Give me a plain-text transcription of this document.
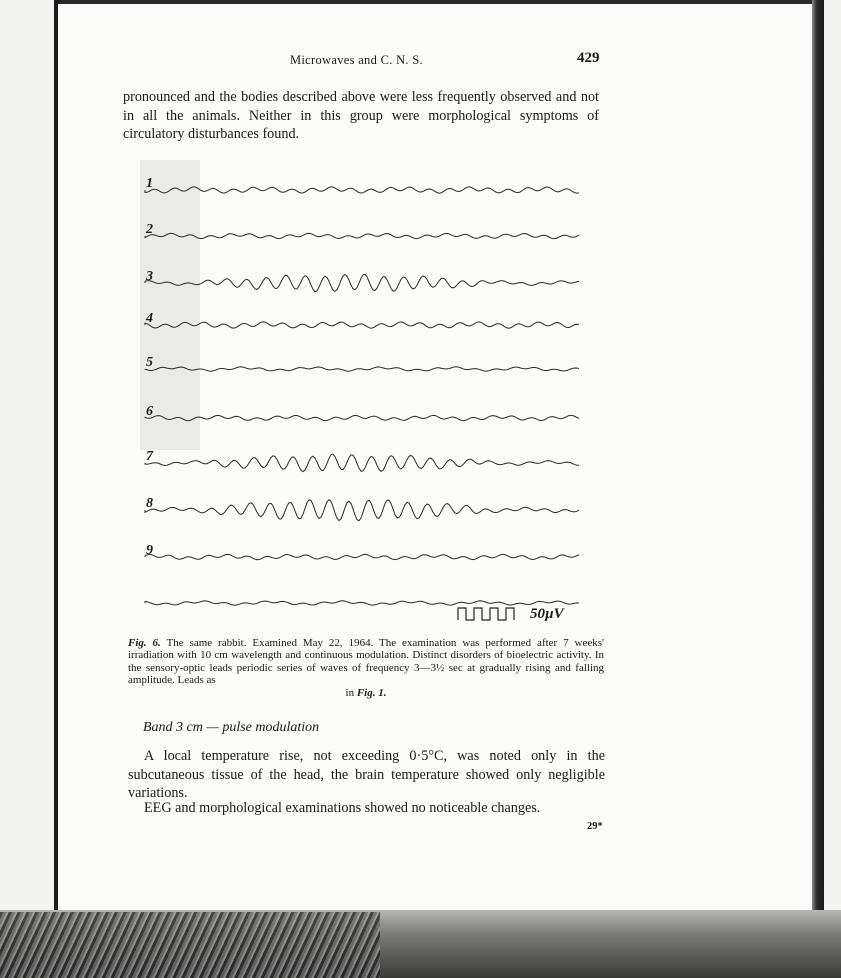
Microwaves and C. N. S.	429
pronounced and the bodies described above were less frequently observed and not in all the animals. Neither in this group were morphological symptoms of circulatory disturbances found.
1
2
3
4
5
6
7
8
9
50µV
Fig. 6. The same rabbit. Examined May 22, 1964. The examination was performed after 7 weeks' irradiation with 10 cm wavelength and continuous modulation. Distinct disorders of bioelectric activity. In the sensory-optic leads periodic series of waves of frequency 3—3½ sec at gradually rising and falling amplitude. Leads as
in Fig. 1.
Band 3 cm — pulse modulation
A local temperature rise, not exceeding 0·5°C, was noted only in the subcutaneous tissue of the head, the brain temperature showed only negligible variations.
EEG and morphological examinations showed no noticeable changes.
29*
